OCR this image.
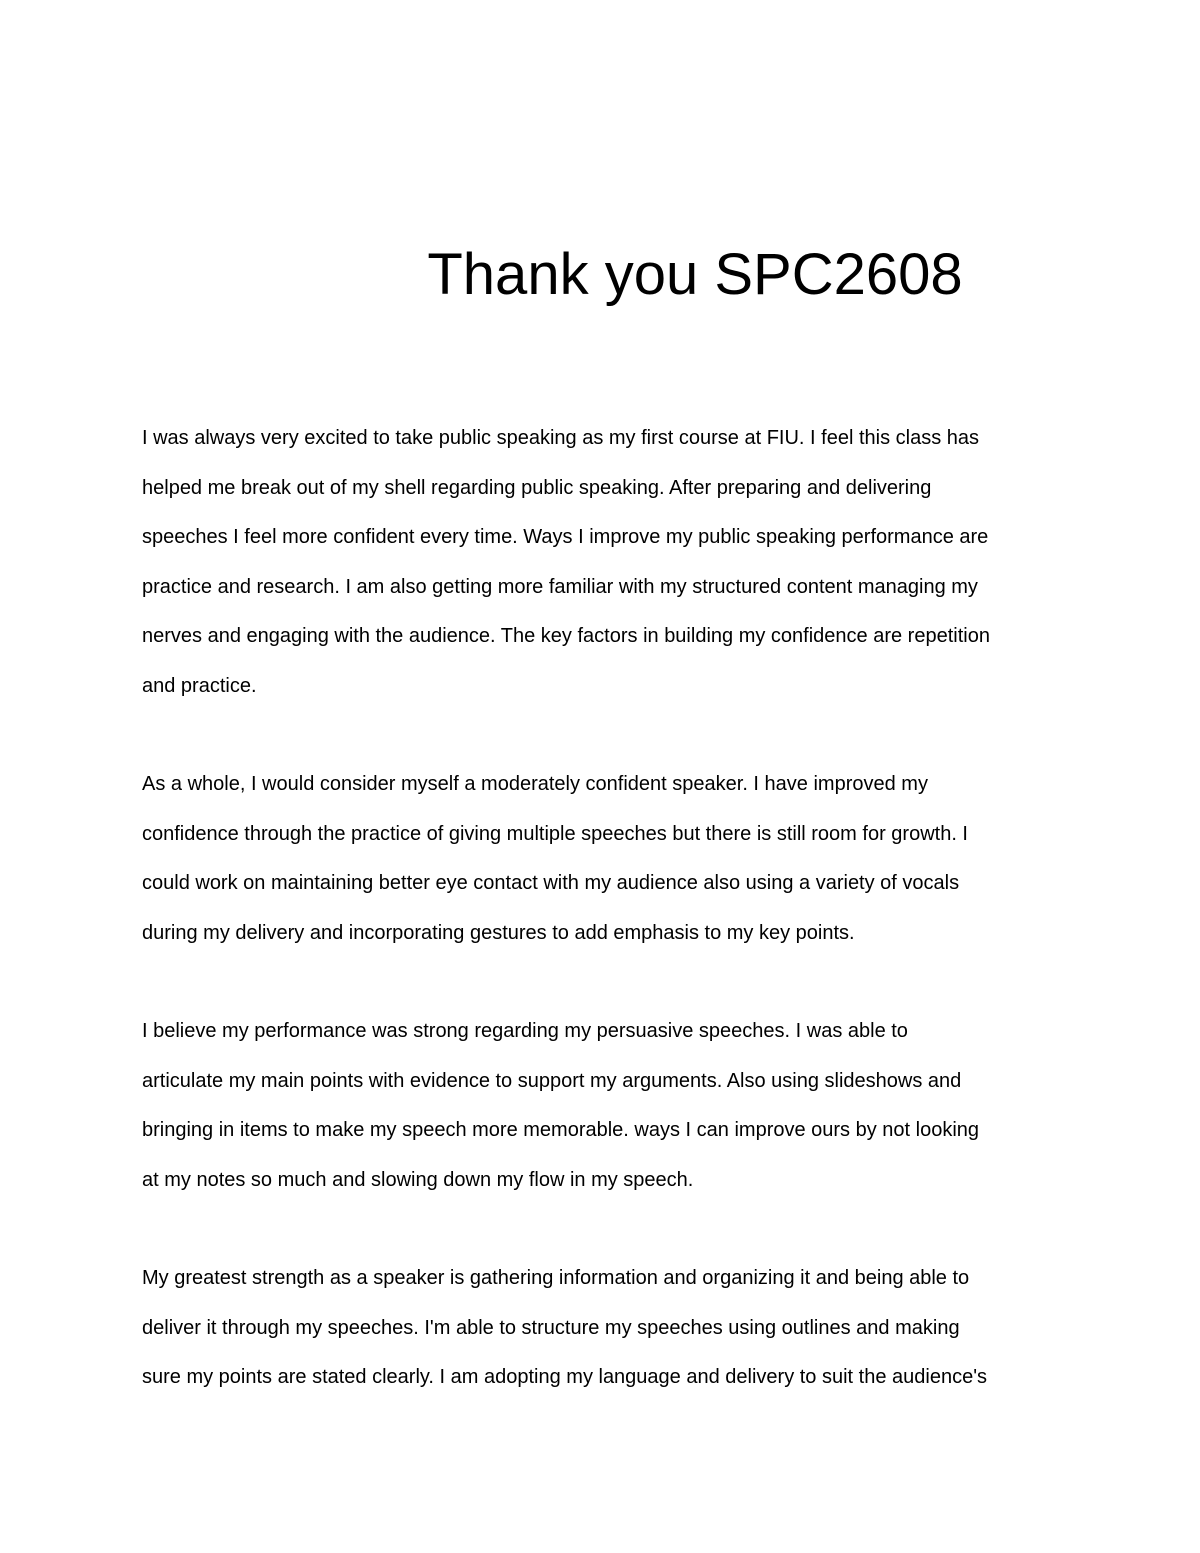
Thank you SPC2608

I was always very excited to take public speaking as my first course at FIU. I feel this class has
helped me break out of my shell regarding public speaking. After preparing and delivering
speeches I feel more confident every time. Ways I improve my public speaking performance are
practice and research. I am also getting more familiar with my structured content managing my
nerves and engaging with the audience. The key factors in building my confidence are repetition
and practice.

As a whole, I would consider myself a moderately confident speaker. I have improved my
confidence through the practice of giving multiple speeches but there is still room for growth. I
could work on maintaining better eye contact with my audience also using a variety of vocals
during my delivery and incorporating gestures to add emphasis to my key points.

I believe my performance was strong regarding my persuasive speeches. I was able to
articulate my main points with evidence to support my arguments. Also using slideshows and
bringing in items to make my speech more memorable. ways I can improve ours by not looking
at my notes so much and slowing down my flow in my speech.

My greatest strength as a speaker is gathering information and organizing it and being able to
deliver it through my speeches. I'm able to structure my speeches using outlines and making
sure my points are stated clearly. I am adopting my language and delivery to suit the audience's
